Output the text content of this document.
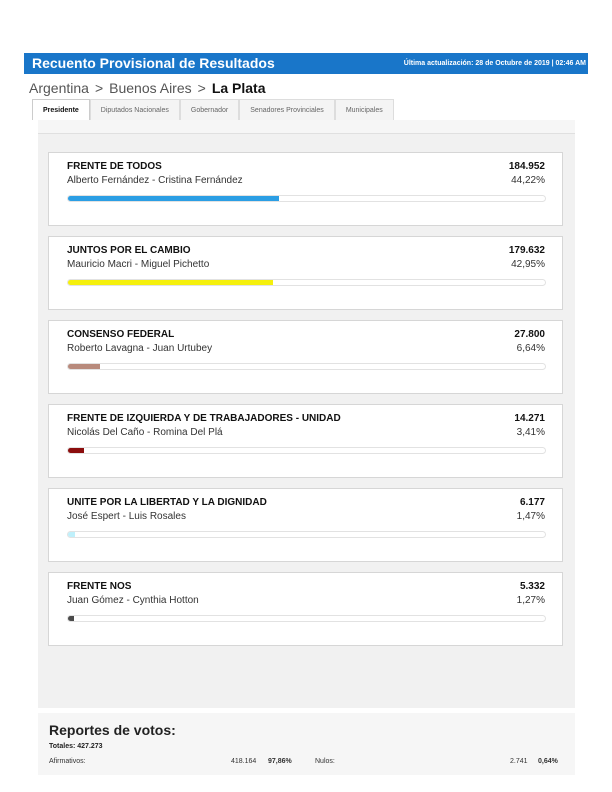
Recuento Provisional de Resultados	Última actualización: 28 de Octubre de 2019 | 02:46 AM
Argentina > Buenos Aires > La Plata
Presidente	Diputados Nacionales	Gobernador	Senadores Provinciales	Municipales
FRENTE DE TODOS
Alberto Fernández - Cristina Fernández
184.952
44,22%
JUNTOS POR EL CAMBIO
Mauricio Macri - Miguel Pichetto
179.632
42,95%
CONSENSO FEDERAL
Roberto Lavagna - Juan Urtubey
27.800
6,64%
FRENTE DE IZQUIERDA Y DE TRABAJADORES - UNIDAD
Nicolás Del Caño - Romina Del Plá
14.271
3,41%
UNITE POR LA LIBERTAD Y LA DIGNIDAD
José Espert - Luis Rosales
6.177
1,47%
FRENTE NOS
Juan Gómez - Cynthia Hotton
5.332
1,27%
Reportes de votos:
Totales: 427.273
Afirmativos:	418.164 97,86%	Nulos:	2.741 0,64%
